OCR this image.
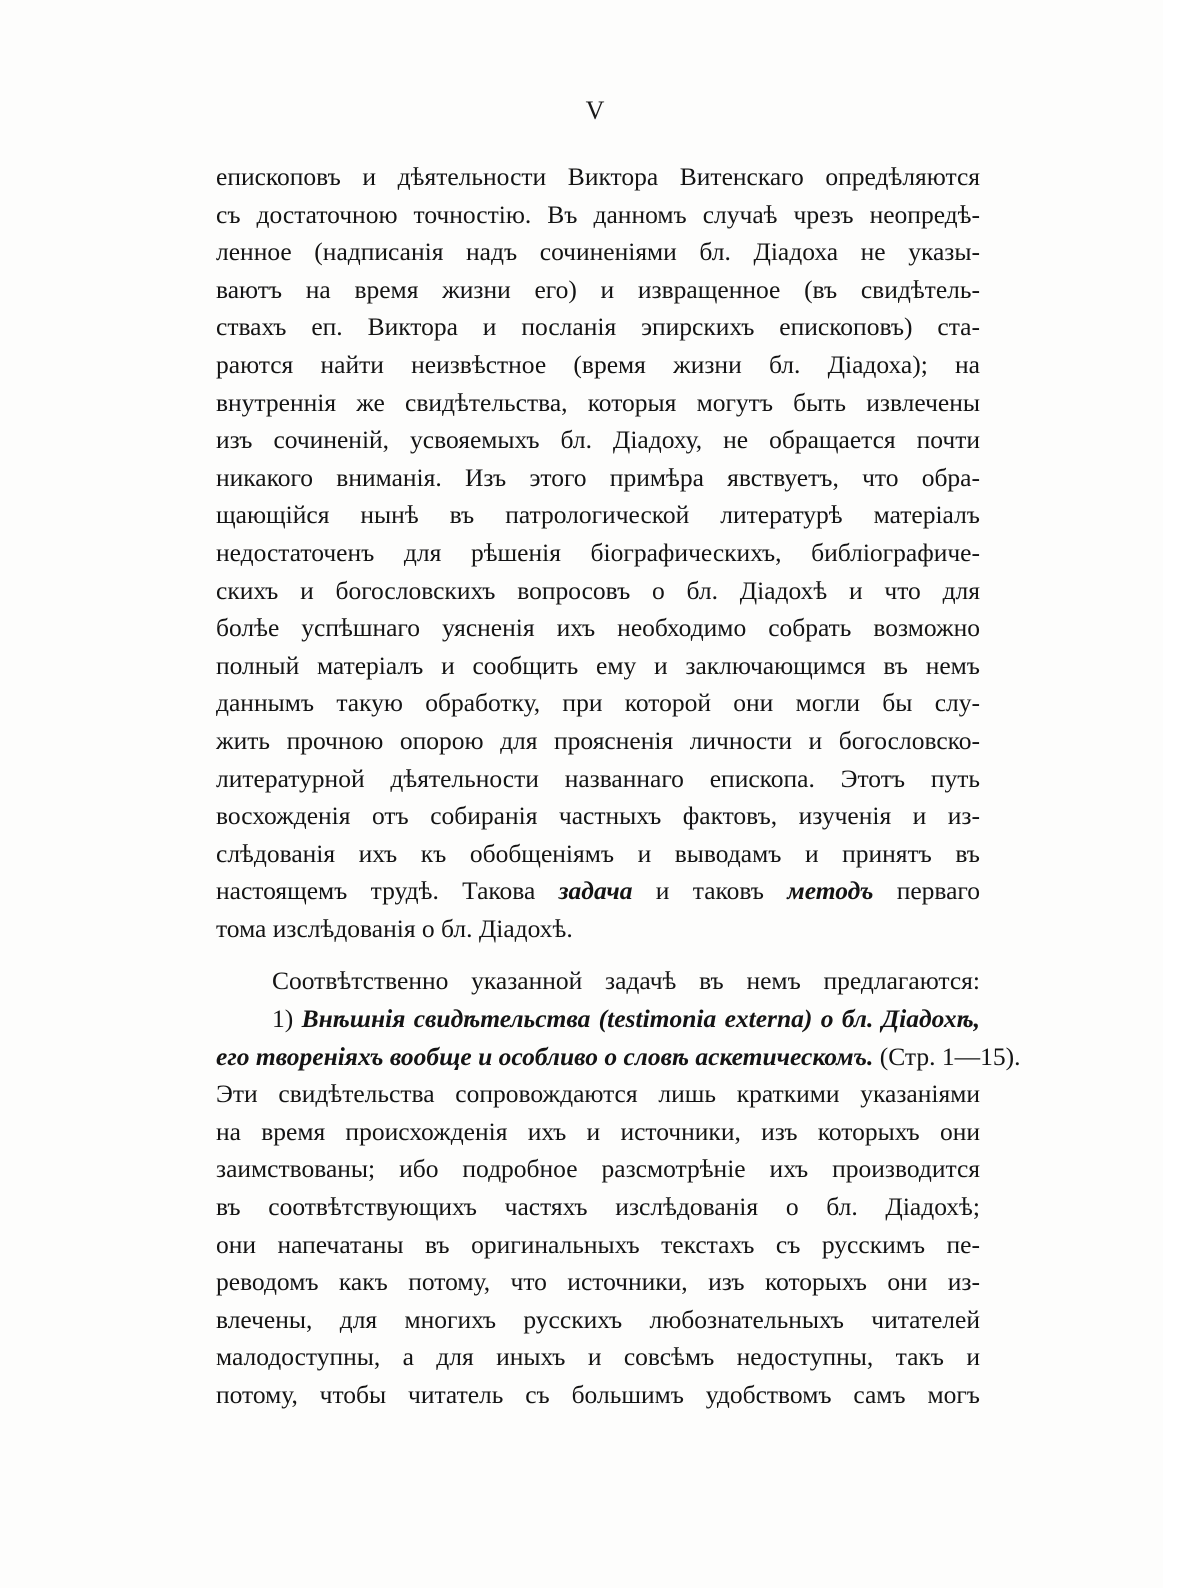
V
епископовъ и дѣятельности Виктора Витенскаго опредѣляются
съ достаточною точностію. Въ данномъ случаѣ чрезъ неопредѣ-
ленное (надписанія надъ сочиненіями бл. Діадоха не указы-
ваютъ на время жизни его) и извращенное (въ свидѣтель-
ствахъ еп. Виктора и посланія эпирскихъ епископовъ) ста-
раются найти неизвѣстное (время жизни бл. Діадоха); на
внутреннія же свидѣтельства, которыя могутъ быть извлечены
изъ сочиненій, усвояемыхъ бл. Діадоху, не обращается почти
никакого вниманія. Изъ этого примѣра явствуетъ, что обра-
щающійся нынѣ въ патрологической литературѣ матеріалъ
недостаточенъ для рѣшенія біографическихъ, библіографиче-
скихъ и богословскихъ вопросовъ о бл. Діадохѣ и что для
болѣе успѣшнаго уясненія ихъ необходимо собрать возможно
полный матеріалъ и сообщить ему и заключающимся въ немъ
даннымъ такую обработку, при которой они могли бы слу-
жить прочною опорою для проясненія личности и богословско-
литературной дѣятельности названнаго епископа. Этотъ путь
восхожденія отъ собиранія частныхъ фактовъ, изученія и из-
слѣдованія ихъ къ обобщеніямъ и выводамъ и принятъ въ
настоящемъ трудѣ. Такова задача и таковъ методъ перваго
тома изслѣдованія о бл. Діадохѣ.
Соотвѣтственно указанной задачѣ въ немъ предлагаются:
1) Внѣшнія свидѣтельства (testimonia externa) о бл. Діадохѣ,
его твореніяхъ вообще и особливо о словѣ аскетическомъ. (Стр. 1—15).
Эти свидѣтельства сопровождаются лишь краткими указаніями
на время происхожденія ихъ и источники, изъ которыхъ они
заимствованы; ибо подробное разсмотрѣніе ихъ производится
въ соотвѣтствующихъ частяхъ изслѣдованія о бл. Діадохѣ;
они напечатаны въ оригинальныхъ текстахъ съ русскимъ пе-
реводомъ какъ потому, что источники, изъ которыхъ они из-
влечены, для многихъ русскихъ любознательныхъ читателей
малодоступны, а для иныхъ и совсѣмъ недоступны, такъ и
потому, чтобы читатель съ большимъ удобствомъ самъ могъ
